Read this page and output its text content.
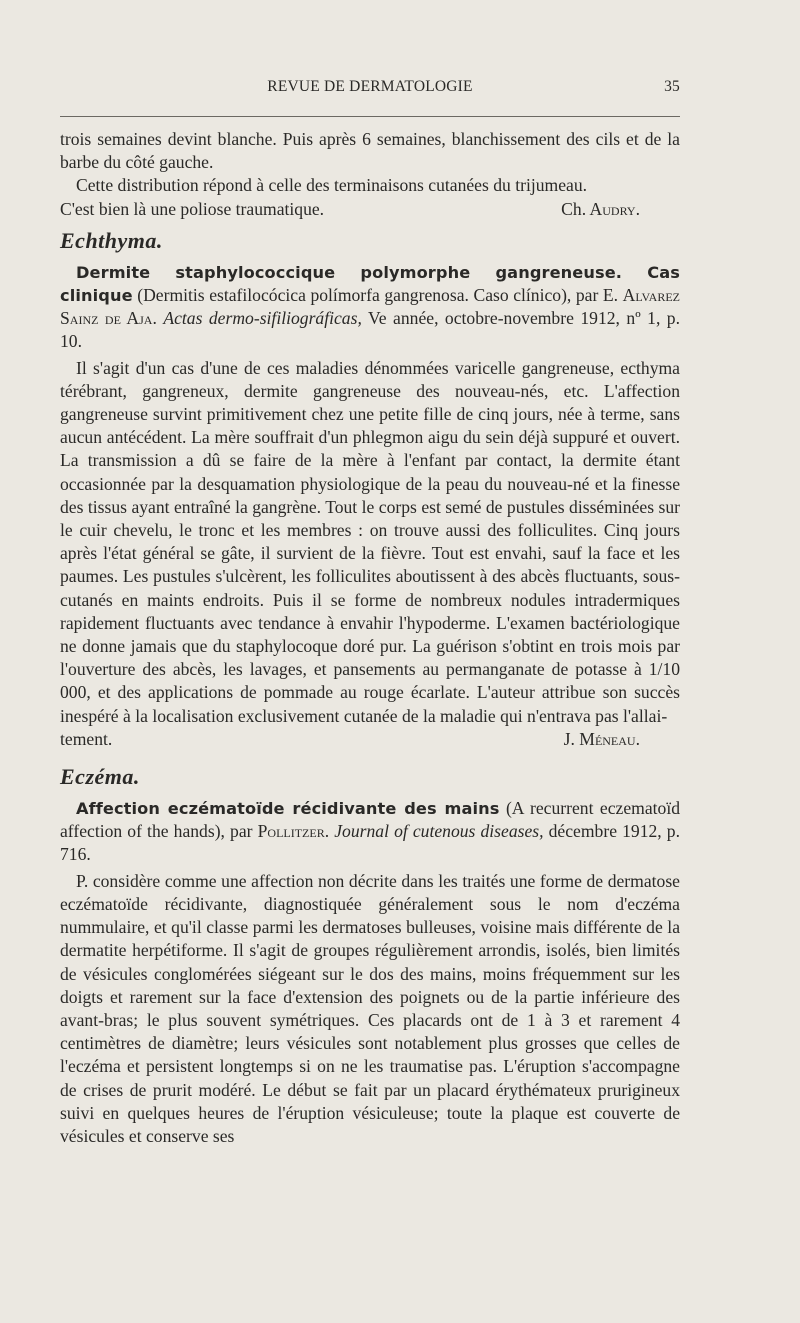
REVUE DE DERMATOLOGIE	35

trois semaines devint blanche. Puis après 6 semaines, blanchissement des cils et de la barbe du côté gauche.

Cette distribution répond à celle des terminaisons cutanées du trijumeau.

C'est bien là une poliose traumatique.	Ch. Audry.

Echthyma.

Dermite staphylococcique polymorphe gangreneuse. Cas clinique (Dermitis estafilocócica polímorfa gangrenosa. Caso clínico), par E. Alvarez Sainz de Aja. Actas dermo-sifiliográficas, Ve année, octobre-novembre 1912, nº 1, p. 10.

Il s'agit d'un cas d'une de ces maladies dénommées varicelle gangreneuse, ecthyma térébrant, gangreneux, dermite gangreneuse des nouveau-nés, etc. L'affection gangreneuse survint primitivement chez une petite fille de cinq jours, née à terme, sans aucun antécédent. La mère souffrait d'un phlegmon aigu du sein déjà suppuré et ouvert. La transmission a dû se faire de la mère à l'enfant par contact, la dermite étant occasionnée par la desquamation physiologique de la peau du nouveau-né et la finesse des tissus ayant entraîné la gangrène. Tout le corps est semé de pustules disséminées sur le cuir chevelu, le tronc et les membres : on trouve aussi des folliculites. Cinq jours après l'état général se gâte, il survient de la fièvre. Tout est envahi, sauf la face et les paumes. Les pustules s'ulcèrent, les folliculites aboutissent à des abcès fluctuants, sous-cutanés en maints endroits. Puis il se forme de nombreux nodules intradermiques rapidement fluctuants avec tendance à envahir l'hypoderme. L'examen bactériologique ne donne jamais que du staphylocoque doré pur. La guérison s'obtint en trois mois par l'ouverture des abcès, les lavages, et pansements au permanganate de potasse à 1/10 000, et des applications de pommade au rouge écarlate. L'auteur attribue son succès inespéré à la localisation exclusivement cutanée de la maladie qui n'entrava pas l'allai-

tement.	J. Méneau.

Eczéma.

Affection eczématoïde récidivante des mains (A recurrent eczematoïd affection of the hands), par Pollitzer. Journal of cutenous diseases, décembre 1912, p. 716.

P. considère comme une affection non décrite dans les traités une forme de dermatose eczématoïde récidivante, diagnostiquée généralement sous le nom d'eczéma nummulaire, et qu'il classe parmi les dermatoses bulleuses, voisine mais différente de la dermatite herpétiforme. Il s'agit de groupes régulièrement arrondis, isolés, bien limités de vésicules conglomérées siégeant sur le dos des mains, moins fréquemment sur les doigts et rarement sur la face d'extension des poignets ou de la partie inférieure des avant-bras; le plus souvent symétriques. Ces placards ont de 1 à 3 et rarement 4 centimètres de diamètre; leurs vésicules sont notablement plus grosses que celles de l'eczéma et persistent longtemps si on ne les traumatise pas. L'éruption s'accompagne de crises de prurit modéré. Le début se fait par un placard érythémateux prurigineux suivi en quelques heures de l'éruption vésiculeuse; toute la plaque est couverte de vésicules et conserve ses
